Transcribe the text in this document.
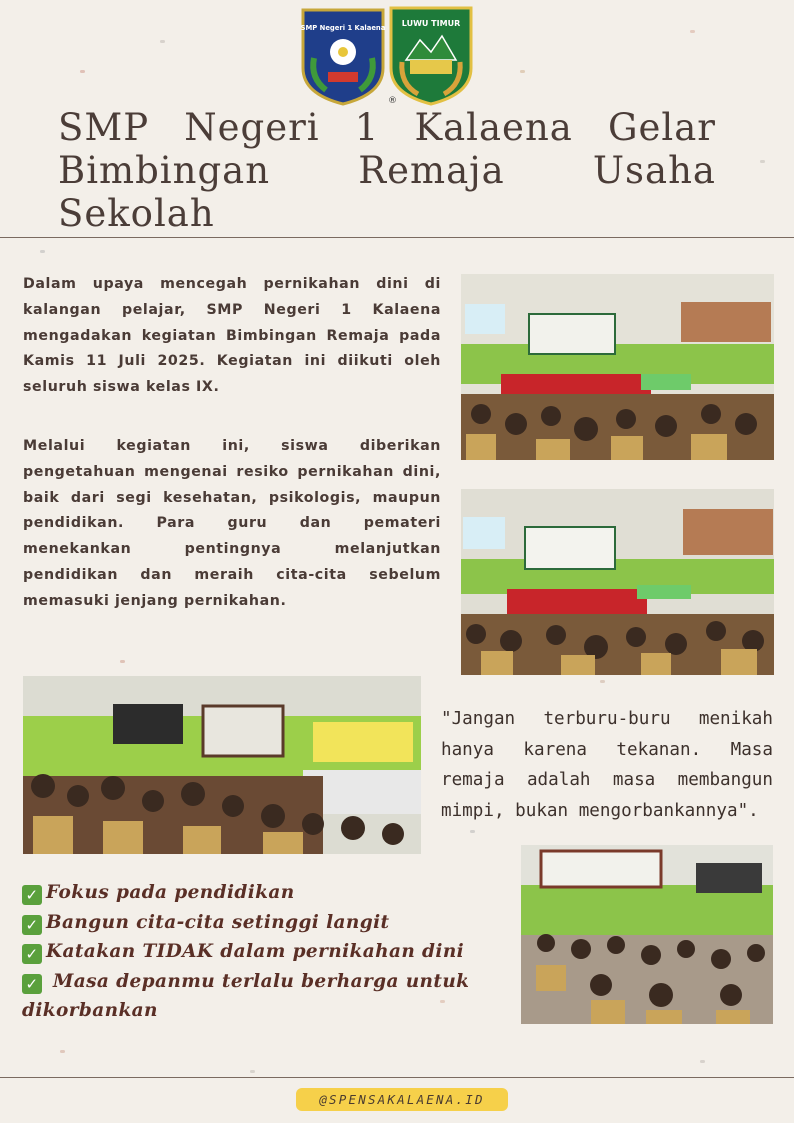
SMP Negeri 1 Kalaena LUWU TIMUR
®
SMP Negeri 1 Kalaena Gelar Bimbingan Remaja Usaha Sekolah

Dalam upaya mencegah pernikahan dini di kalangan pelajar, SMP Negeri 1 Kalaena mengadakan kegiatan Bimbingan Remaja pada Kamis 11 Juli 2025. Kegiatan ini diikuti oleh seluruh siswa kelas IX.

Melalui kegiatan ini, siswa diberikan pengetahuan mengenai resiko pernikahan dini, baik dari segi kesehatan, psikologis, maupun pendidikan. Para guru dan pemateri menekankan pentingnya melanjutkan pendidikan dan meraih cita-cita sebelum memasuki jenjang pernikahan.

"Jangan terburu-buru menikah hanya karena tekanan. Masa remaja adalah masa membangun mimpi, bukan mengorbankannya".

✓ Fokus pada pendidikan
✓ Bangun cita-cita setinggi langit
✓ Katakan TIDAK dalam pernikahan dini
✓ Masa depanmu terlalu berharga untuk dikorbankan
@SPENSAKALAENA.ID
